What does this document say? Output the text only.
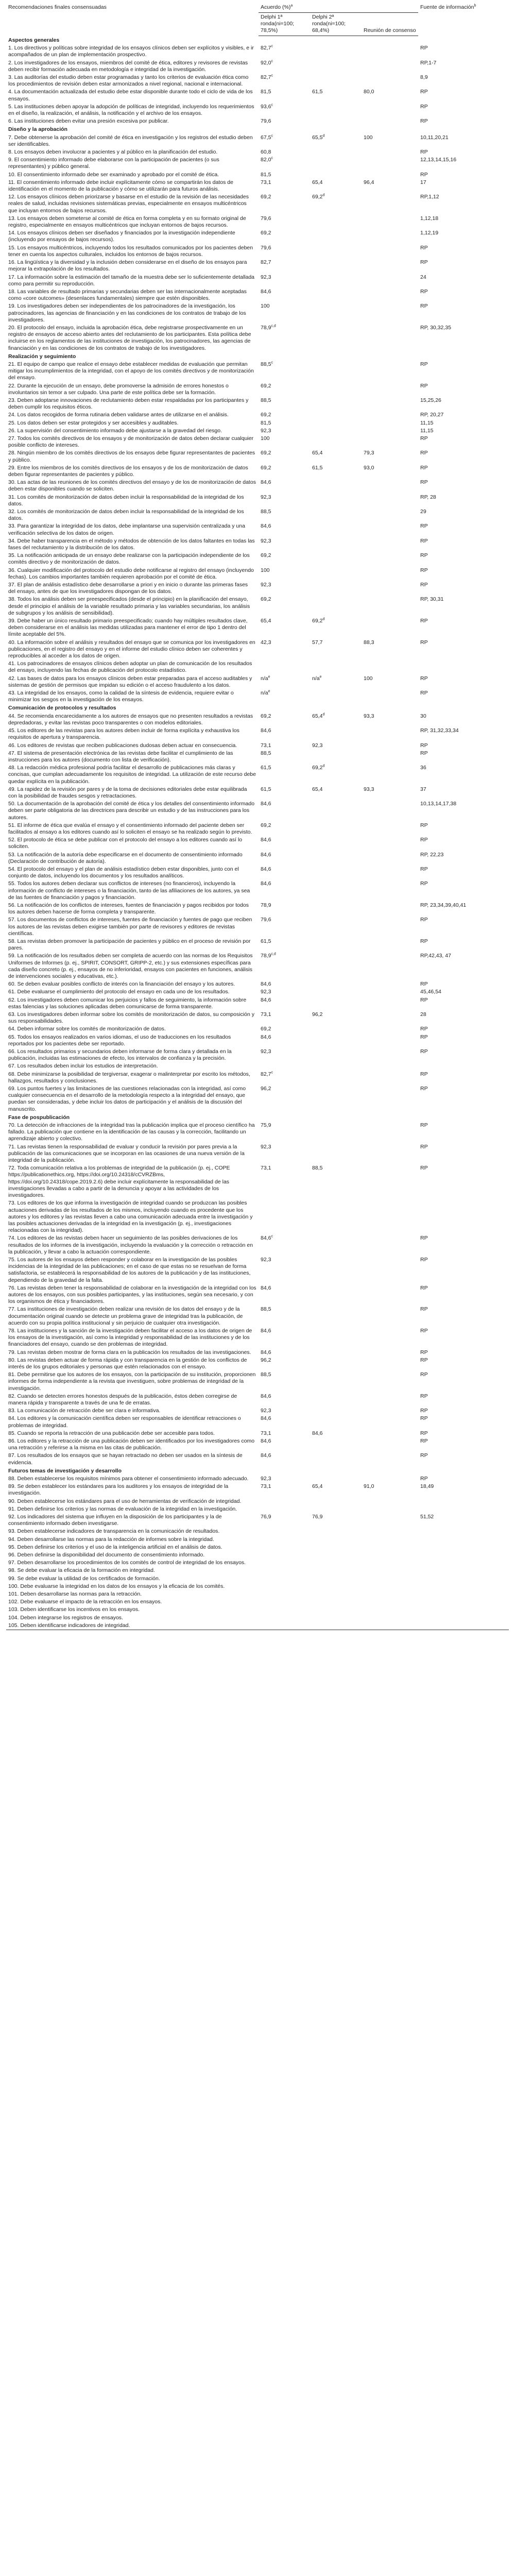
Recomendaciones finales consensuadas	Acuerdo (%)$^a$			Fuente de información$^b$
	Delphi 1ª ronda(ni=100; 78,5%)	Delphi 2ª ronda(ni=100; 68,4%)	Reunión de consenso	
Aspectos generales				
1. Los directivos y políticas sobre integridad de los ensayos clínicos deben ser explícitos y visibles, e ir acompañados de un plan de implementación prospectivo.	82,7$^c$			RP
2. Los investigadores de los ensayos, miembros del comité de ética, editores y revisores de revistas deben recibir formación adecuada en metodología e integridad de la investigación.	92,0$^c$			RP,1-7
3. Las auditorías del estudio deben estar programadas y tanto los criterios de evaluación ética como los procedimientos de revisión deben estar armonizados a nivel regional, nacional e internacional.	82,7$^c$			8,9
4. La documentación actualizada del estudio debe estar disponible durante todo el ciclo de vida de los ensayos.	81,5	61,5	80,0	RP
5. Las instituciones deben apoyar la adopción de políticas de integridad, incluyendo los requerimientos en el diseño, la realización, el análisis, la notificación y el archivo de los ensayos.	93,6$^c$			RP
6. Las instituciones deben evitar una presión excesiva por publicar.	79,6			RP
Diseño y la aprobación				
7. Debe obtenerse la aprobación del comité de ética en investigación y los registros del estudio deben ser identificables.	67,5$^c$	65,5$^d$	100	10,11,20,21
8. Los ensayos deben involucrar a pacientes y al público en la planificación del estudio.	60,8			RP
9. El consentimiento informado debe elaborarse con la participación de pacientes (o sus representantes) y público general.	82,0$^c$			12,13,14,15,16
10. El consentimiento informado debe ser examinado y aprobado por el comité de ética.	81,5			RP
11. El consentimiento informado debe incluir explícitamente cómo se compartirán los datos de identificación en el momento de la publicación y cómo se utilizarán para futuros análisis.	73,1	65,4	96,4	17
12. Los ensayos clínicos deben priorizarse y basarse en el estudio de la revisión de las necesidades reales de salud, incluidas revisiones sistemáticas previas, especialmente en ensayos multicéntricos que incluyan entornos de bajos recursos.	69,2	69,2$^d$		RP,1,12
13. Los ensayos deben someterse al comité de ética en forma completa y en su formato original de registro, especialmente en ensayos multicéntricos que incluyan entornos de bajos recursos.	79,6			1,12,18
14. Los ensayos clínicos deben ser diseñados y financiados por la investigación independiente (incluyendo por ensayos de bajos recursos).	69,2			1,12,19
15. Los ensayos multicéntricos, incluyendo todos los resultados comunicados por los pacientes deben tener en cuenta los aspectos culturales, incluidos los entornos de bajos recursos.	79,6			RP
16. La lingüística y la diversidad y la inclusión deben considerarse en el diseño de los ensayos para mejorar la extrapolación de los resultados.	82,7			RP
17. La información sobre la estimación del tamaño de la muestra debe ser lo suficientemente detallada como para permitir su reproducción.	92,3			24
18. Las variables de resultado primarias y secundarias deben ser las internacionalmente aceptadas como «core outcomes» (desenlaces fundamentales) siempre que estén disponibles.	84,6			RP
19. Los investigadores deben ser independientes de los patrocinadores de la investigación, los patrocinadores, las agencias de financiación y en las condiciones de los contratos de trabajo de los investigadores.	100			RP
20. El protocolo del ensayo, incluida la aprobación ética, debe registrarse prospectivamente en un registro de ensayos de acceso abierto antes del reclutamiento de los participantes. Esta política debe incluirse en los reglamentos de las instituciones de investigación, los patrocinadores, las agencias de financiación y en las condiciones de los contratos de trabajo de los investigadores.	78,9$^{c,d}$			RP, 30,32,35
Realización y seguimiento				
21. El equipo de campo que realice el ensayo debe establecer medidas de evaluación que permitan mitigar los incumplimientos de la integridad, con el apoyo de los comités directivos y de monitorización del ensayo.	88,5$^c$			RP
22. Durante la ejecución de un ensayo, debe promoverse la admisión de errores honestos o involuntarios sin temor a ser culpado. Una parte de este política debe ser la formación.	69,2			RP
23. Deben adoptarse innovaciones de reclutamiento deben estar respaldadas por los participantes y deben cumplir los requisitos éticos.	88,5			15,25,26
24. Los datos recogidos de forma rutinaria deben validarse antes de utilizarse en el análisis.	69,2			RP, 20,27
25. Los datos deben ser estar protegidos y ser accesibles y auditables.	81,5			11,15
26. La supervisión del consentimiento informado debe ajustarse a la gravedad del riesgo.	92,3			11,15
27. Todos los comités directivos de los ensayos y de monitorización de datos deben declarar cualquier posible conflicto de intereses.	100			RP
28. Ningún miembro de los comités directivos de los ensayos debe figurar representantes de pacientes y público.	69,2	65,4	79,3	RP
29. Entre los miembros de los comités directivos de los ensayos y de los de monitorización de datos deben figurar representantes de pacientes y público.	69,2	61,5	93,0	RP
30. Las actas de las reuniones de los comités directivos del ensayo y de los de monitorización de datos deben estar disponibles cuando se soliciten.	84,6			RP
31. Los comités de monitorización de datos deben incluir la responsabilidad de la integridad de los datos.	92,3			RP, 28
32. Los comités de monitorización de datos deben incluir la responsabilidad de la integridad de los datos.	88,5			29
33. Para garantizar la integridad de los datos, debe implantarse una supervisión centralizada y una verificación selectiva de los datos de origen.	84,6			RP
34. Debe haber transparencia en el método y métodos de obtención de los datos faltantes en todas las fases del reclutamiento y la distribución de los datos.	92,3			RP
35. La notificación anticipada de un ensayo debe realizarse con la participación independiente de los comités directivo y de monitorización de datos.	69,2			RP
36. Cualquier modificación del protocolo del estudio debe notificarse al registro del ensayo (incluyendo fechas). Los cambios importantes también requieren aprobación por el comité de ética.	100			RP
37. El plan de análisis estadístico debe desarrollarse a priori y en inicio o durante las primeras fases del ensayo, antes de que los investigadores dispongan de los datos.	92,3			RP
38. Todos los análisis deben ser preespecificados (desde el principio) en la planificación del ensayo, desde el principio el análisis de la variable resultado primaria y las variables secundarias, los análisis de subgrupos y los análisis de sensibilidad).	69,2			RP, 30,31
39. Debe haber un único resultado primario preespecificado; cuando hay múltiples resultados clave, deben considerarse en el análisis las medidas utilizadas para mantener el error de tipo 1 dentro del límite aceptable del 5%.	65,4	69,2$^d$		RP
40. La información sobre el análisis y resultados del ensayo que se comunica por los investigadores en publicaciones, en el registro del ensayo y en el informe del estudio clínico deben ser coherentes y reproducibles al acceder a los datos de origen.	42,3	57,7	88,3	RP
41. Los patrocinadores de ensayos clínicos deben adoptar un plan de comunicación de los resultados del ensayo, incluyendo las fechas de publicación del protocolo estadístico.				
42. Las bases de datos para los ensayos clínicos deben estar preparadas para el acceso auditables y sistemas de gestión de permisos que impidan su edición o el acceso fraudulento a los datos.	$n/a^e$	$n/a^e$	100	RP
43. La integridad de los ensayos, como la calidad de la síntesis de evidencia, requiere evitar o minimizar los sesgos en la investigación de los ensayos.	$n/a^e$			RP
Comunicación de protocolos y resultados				
44. Se recomienda encarecidamente a los autores de ensayos que no presenten resultados a revistas depredadoras, y evitar las revistas poco transparentes o con modelos editoriales.	69,2	65,4$^d$	93,3	30
45. Los editores de las revistas para los autores deben incluir de forma explícita y exhaustiva los requisitos de apertura y transparencia.	84,6			RP, 31,32,33,34
46. Los editores de revistas que reciben publicaciones dudosas deben actuar en consecuencia.	73,1	92,3		RP
47. El sistema de presentación electrónica de las revistas debe facilitar el cumplimiento de las instrucciones para los autores (documento con lista de verificación).	88,5			RP
48. La redacción médica profesional podría facilitar el desarrollo de publicaciones más claras y concisas, que cumplan adecuadamente los requisitos de integridad. La utilización de este recurso debe quedar explícita en la publicación.	61,5	69,2$^d$		36
49. La rapidez de la revisión por pares y de la toma de decisiones editoriales debe estar equilibrada con la posibilidad de fraudes sesgos y retractaciones.	61,5	65,4	93,3	37
50. La documentación de la aprobación del comité de ética y los detalles del consentimiento informado deben ser parte obligatoria de las directrices para describir un estudio y de las instrucciones para los autores.	84,6			10,13,14,17,38
51. El informe de ética que evalúa el ensayo y el consentimiento informado del paciente deben ser facilitados al ensayo a los editores cuando así lo soliciten el ensayo se ha realizado según lo previsto.	69,2			RP
52. El protocolo de ética se debe publicar con el protocolo del ensayo a los editores cuando así lo soliciten.	84,6			RP
53. La notificación de la autoría debe especificarse en el documento de consentimiento informado (Declaración de contribución de autoría).	84,6			RP, 22,23
54. El protocolo del ensayo y el plan de análisis estadístico deben estar disponibles, junto con el conjunto de datos, incluyendo los documentos y los resultados analíticos.	84,6			RP
55. Todos los autores deben declarar sus conflictos de intereses (no financieros), incluyendo la información de conflicto de intereses o la financiación, tanto de las afiliaciones de los autores, ya sea de las fuentes de financiación y pagos y financiación.	84,6			RP
56. La notificación de los conflictos de intereses, fuentes de financiación y pagos recibidos por todos los autores deben hacerse de forma completa y transparente.	78,9			RP, 23,34,39,40,41
57. Los documentos de conflictos de intereses, fuentes de financiación y fuentes de pago que reciben los autores de las revistas deben exigirse también por parte de revisores y editores de revistas científicas.	79,6			RP
58. Las revistas deben promover la participación de pacientes y público en el proceso de revisión por pares.	61,5			RP
59. La notificación de los resultados deben ser completa de acuerdo con las normas de los Requisitos Uniformes de Informes (p. ej., SPIRIT, CONSORT, GRIPP-2, etc.) y sus extensiones específicas para cada diseño concreto (p. ej., ensayos de no inferioridad, ensayos con pacientes en funciones, análisis de intervenciones sociales y educativas, etc.).	78,9$^{c,d}$			RP,42,43, 47
60. Se deben evaluar posibles conflicto de interés con la financiación del ensayo y los autores.	84,6			RP
61. Debe evaluarse el cumplimiento del protocolo del ensayo en cada uno de los resultados.	92,3			45,46,54
62. Los investigadores deben comunicar los perjuicios y fallos de seguimiento, la información sobre estas falencias y las soluciones aplicadas deben comunicarse de forma transparente.	84,6			RP
63. Los investigadores deben informar sobre los comités de monitorización de datos, su composición y sus responsabilidades.	73,1	96,2		28
64. Deben informar sobre los comités de monitorización de datos.	69,2			RP
65. Todos los ensayos realizados en varios idiomas, el uso de traducciones en los resultados reportados por los pacientes debe ser reportado.	84,6			RP
66. Los resultados primarios y secundarios deben informarse de forma clara y detallada en la publicación, incluidas las estimaciones de efecto, los intervalos de confianza y la precisión.	92,3			RP
67. Los resultados deben incluir los estudios de interpretación.				
68. Debe minimizarse la posibilidad de tergiversar, exagerar o malinterpretar por escrito los métodos, hallazgos, resultados y conclusiones.	82,7$^c$			RP
69. Los puntos fuertes y las limitaciones de las cuestiones relacionadas con la integridad, así como cualquier consecuencia en el desarrollo de la metodología respecto a la integridad del ensayo, que puedan ser consideradas, y debe incluir los datos de participación y el análisis de la discusión del manuscrito.	96,2			RP
Fase de pospublicación				
70. La detección de infracciones de la integridad tras la publicación implica que el proceso científico ha fallado. La publicación que contiene en la identificación de las causas y la corrección, facilitando un aprendizaje abierto y colectivo.	75,9			RP
71. Las revistas tienen la responsabilidad de evaluar y conducir la revisión por pares previa a la publicación de las comunicaciones que se incorporan en las ocasiones de una nueva versión de la integridad de la publicación.	92,3			RP
72. Toda comunicación relativa a los problemas de integridad de la publicación (p. ej., COPE https://publicationethics.org, https://doi.org/10.24318/cCVRZBms, https://doi.org/10.24318/cope.2019.2.6) debe incluir explícitamente la responsabilidad de las investigaciones llevadas a cabo a partir de la denuncia y apoyar a las actividades de los investigadores.	73,1	88,5		RP
73. Los editores de los que informa la investigación de integridad cuando se produzcan las posibles actuaciones derivadas de los resultados de los mismos, incluyendo cuando es procedente que los autores y los editores y las revistas lleven a cabo una comunicación adecuada entre la investigación y las posibles actuaciones derivadas de la integridad en la investigación (p. ej., investigaciones relacionadas con la integridad).				
74. Los editores de las revistas deben hacer un seguimiento de las posibles derivaciones de los resultados de los informes de la investigación, incluyendo la evaluación y la corrección o retracción en la publicación, y llevar a cabo la actuación correspondiente.	84,6$^c$			RP
75. Los autores de los ensayos deben responder y colaborar en la investigación de las posibles incidencias de la integridad de las publicaciones; en el caso de que estas no se resuelvan de forma satisfactoria, se establecerá la responsabilidad de los autores de la publicación y de las instituciones, dependiendo de la gravedad de la falta.	92,3			RP
76. Las revistas deben tener la responsabilidad de colaborar en la investigación de la integridad con los autores de los ensayos, con sus posibles participantes, y las instituciones, según sea necesario, y con los organismos de ética y financiadores.	84,6			RP
77. Las instituciones de investigación deben realizar una revisión de los datos del ensayo y de la documentación original cuando se detecte un problema grave de integridad tras la publicación, de acuerdo con su propia política institucional y sin perjuicio de cualquier otra investigación.	88,5			RP
78. Las instituciones y la sanción de la investigación deben facilitar el acceso a los datos de origen de los ensayos de la investigación, así como la integridad y responsabilidad de las instituciones y de los financiadores del ensayo, cuando se den problemas de integridad.	84,6			RP
79. Las revistas deben mostrar de forma clara en la publicación los resultados de las investigaciones.	84,6			RP
80. Las revistas deben actuar de forma rápida y con transparencia en la gestión de los conflictos de interés de los grupos editoriales y personas que estén relacionados con el ensayo.	96,2			RP
81. Debe permitirse que los autores de los ensayos, con la participación de su institución, proporcionen informes de forma independiente a la revista que investiguen, sobre problemas de integridad de la investigación.	88,5			RP
82. Cuando se detecten errores honestos después de la publicación, éstos deben corregirse de manera rápida y transparente a través de una fe de erratas.	84,6			RP
83. La comunicación de retracción debe ser clara e informativa.	92,3			RP
84. Los editores y la comunicación científica deben ser responsables de identificar retracciones o problemas de integridad.	84,6			RP
85. Cuando se reporta la retracción de una publicación debe ser accesible para todos.	73,1	84,6		RP
86. Los editores y la retracción de una publicación deben ser identificados por los investigadores como una retracción y referirse a la misma en las citas de publicación.	84,6			RP
87. Los resultados de los ensayos que se hayan retractado no deben ser usados en la síntesis de evidencia.	84,6			RP
Futuros temas de investigación y desarrollo				
88. Deben establecerse los requisitos mínimos para obtener el consentimiento informado adecuado.	92,3			RP
89. Se deben establecer los estándares para los auditores y los ensayos de integridad de la investigación.	73,1	65,4	91,0	18,49
90. Deben establecerse los estándares para el uso de herramientas de verificación de integridad.				
91. Deben definirse los criterios y las normas de evaluación de la integridad en la investigación.				
92. Los indicadores del sistema que influyen en la disposición de los participantes y la de consentimiento informado deben investigarse.	76,9	76,9		51,52
93. Deben establecerse indicadores de transparencia en la comunicación de resultados.				
94. Deben desarrollarse las normas para la redacción de informes sobre la integridad.				
95. Deben definirse los criterios y el uso de la inteligencia artificial en el análisis de datos.				
96. Deben definirse la disponibilidad del documento de consentimiento informado.				
97. Deben desarrollarse los procedimientos de los comités de control de integridad de los ensayos.				
98. Se debe evaluar la eficacia de la formación en integridad.				
99. Se debe evaluar la utilidad de los certificados de formación.				
100. Debe evaluarse la integridad en los datos de los ensayos y la eficacia de los comités.				
101. Deben desarrollarse las normas para la retracción.				
102. Debe evaluarse el impacto de la retracción en los ensayos.				
103. Deben identificarse los incentivos en los ensayos.				
104. Deben integrarse los registros de ensayos.				
105. Deben identificarse indicadores de integridad.				
